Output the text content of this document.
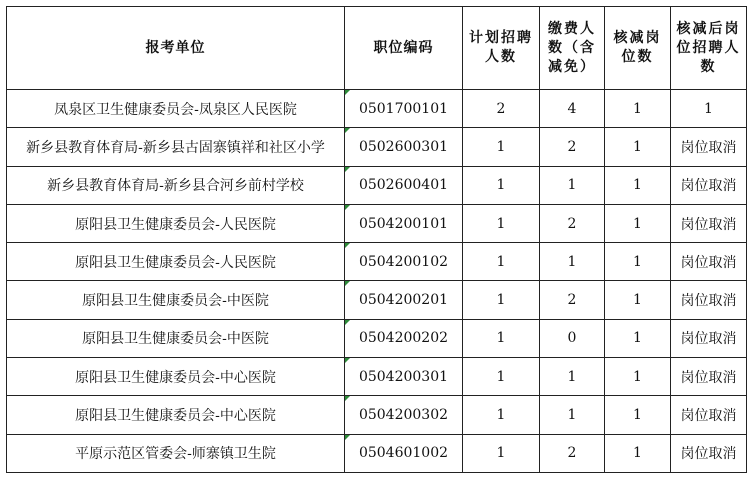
报考单位	职位编码	计划招聘人数	缴费人数（含减免）	核减岗位数	核减后岗位招聘人数
凤泉区卫生健康委员会-凤泉区人民医院	0501700101	2	4	1	1
新乡县教育体育局-新乡县古固寨镇祥和社区小学	0502600301	1	2	1	岗位取消
新乡县教育体育局-新乡县合河乡前村学校	0502600401	1	1	1	岗位取消
原阳县卫生健康委员会-人民医院	0504200101	1	2	1	岗位取消
原阳县卫生健康委员会-人民医院	0504200102	1	1	1	岗位取消
原阳县卫生健康委员会-中医院	0504200201	1	2	1	岗位取消
原阳县卫生健康委员会-中医院	0504200202	1	0	1	岗位取消
原阳县卫生健康委员会-中心医院	0504200301	1	1	1	岗位取消
原阳县卫生健康委员会-中心医院	0504200302	1	1	1	岗位取消
平原示范区管委会-师寨镇卫生院	0504601002	1	2	1	岗位取消
